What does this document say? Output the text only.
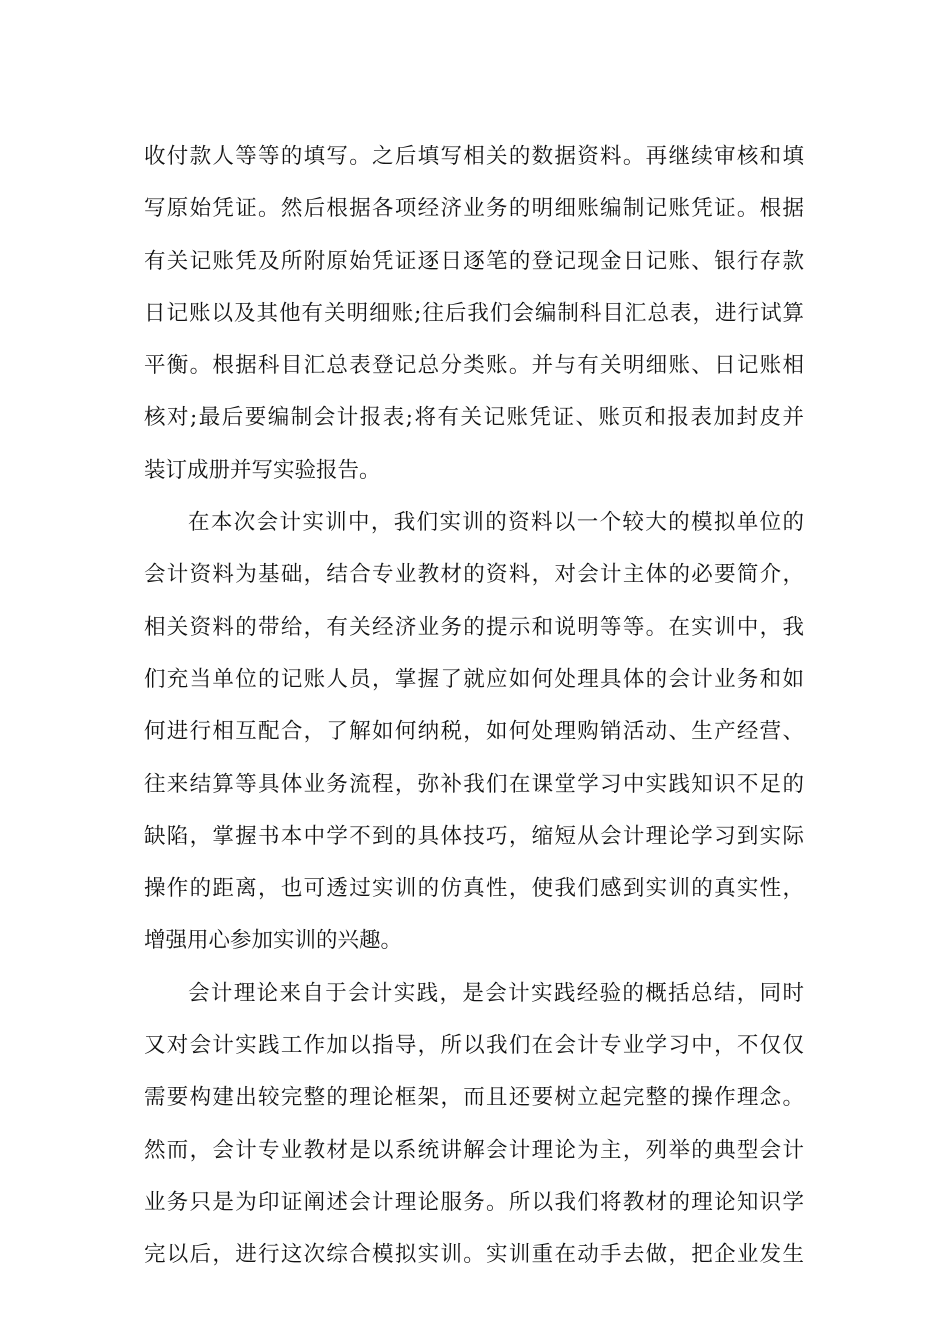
收付款人等等的填写。之后填写相关的数据资料。再继续审核和填
写原始凭证。然后根据各项经济业务的明细账编制记账凭证。根据
有关记账凭及所附原始凭证逐日逐笔的登记现金日记账、银行存款
日记账以及其他有关明细账;往后我们会编制科目汇总表，进行试算
平衡。根据科目汇总表登记总分类账。并与有关明细账、日记账相
核对;最后要编制会计报表;将有关记账凭证、账页和报表加封皮并
装订成册并写实验报告。
在本次会计实训中，我们实训的资料以一个较大的模拟单位的
会计资料为基础，结合专业教材的资料，对会计主体的必要简介，
相关资料的带给，有关经济业务的提示和说明等等。在实训中，我
们充当单位的记账人员，掌握了就应如何处理具体的会计业务和如
何进行相互配合，了解如何纳税，如何处理购销活动、生产经营、
往来结算等具体业务流程，弥补我们在课堂学习中实践知识不足的
缺陷，掌握书本中学不到的具体技巧，缩短从会计理论学习到实际
操作的距离，也可透过实训的仿真性，使我们感到实训的真实性，
增强用心参加实训的兴趣。
会计理论来自于会计实践，是会计实践经验的概括总结，同时
又对会计实践工作加以指导，所以我们在会计专业学习中，不仅仅
需要构建出较完整的理论框架，而且还要树立起完整的操作理念。
然而，会计专业教材是以系统讲解会计理论为主，列举的典型会计
业务只是为印证阐述会计理论服务。所以我们将教材的理论知识学
完以后，进行这次综合模拟实训。实训重在动手去做，把企业发生
